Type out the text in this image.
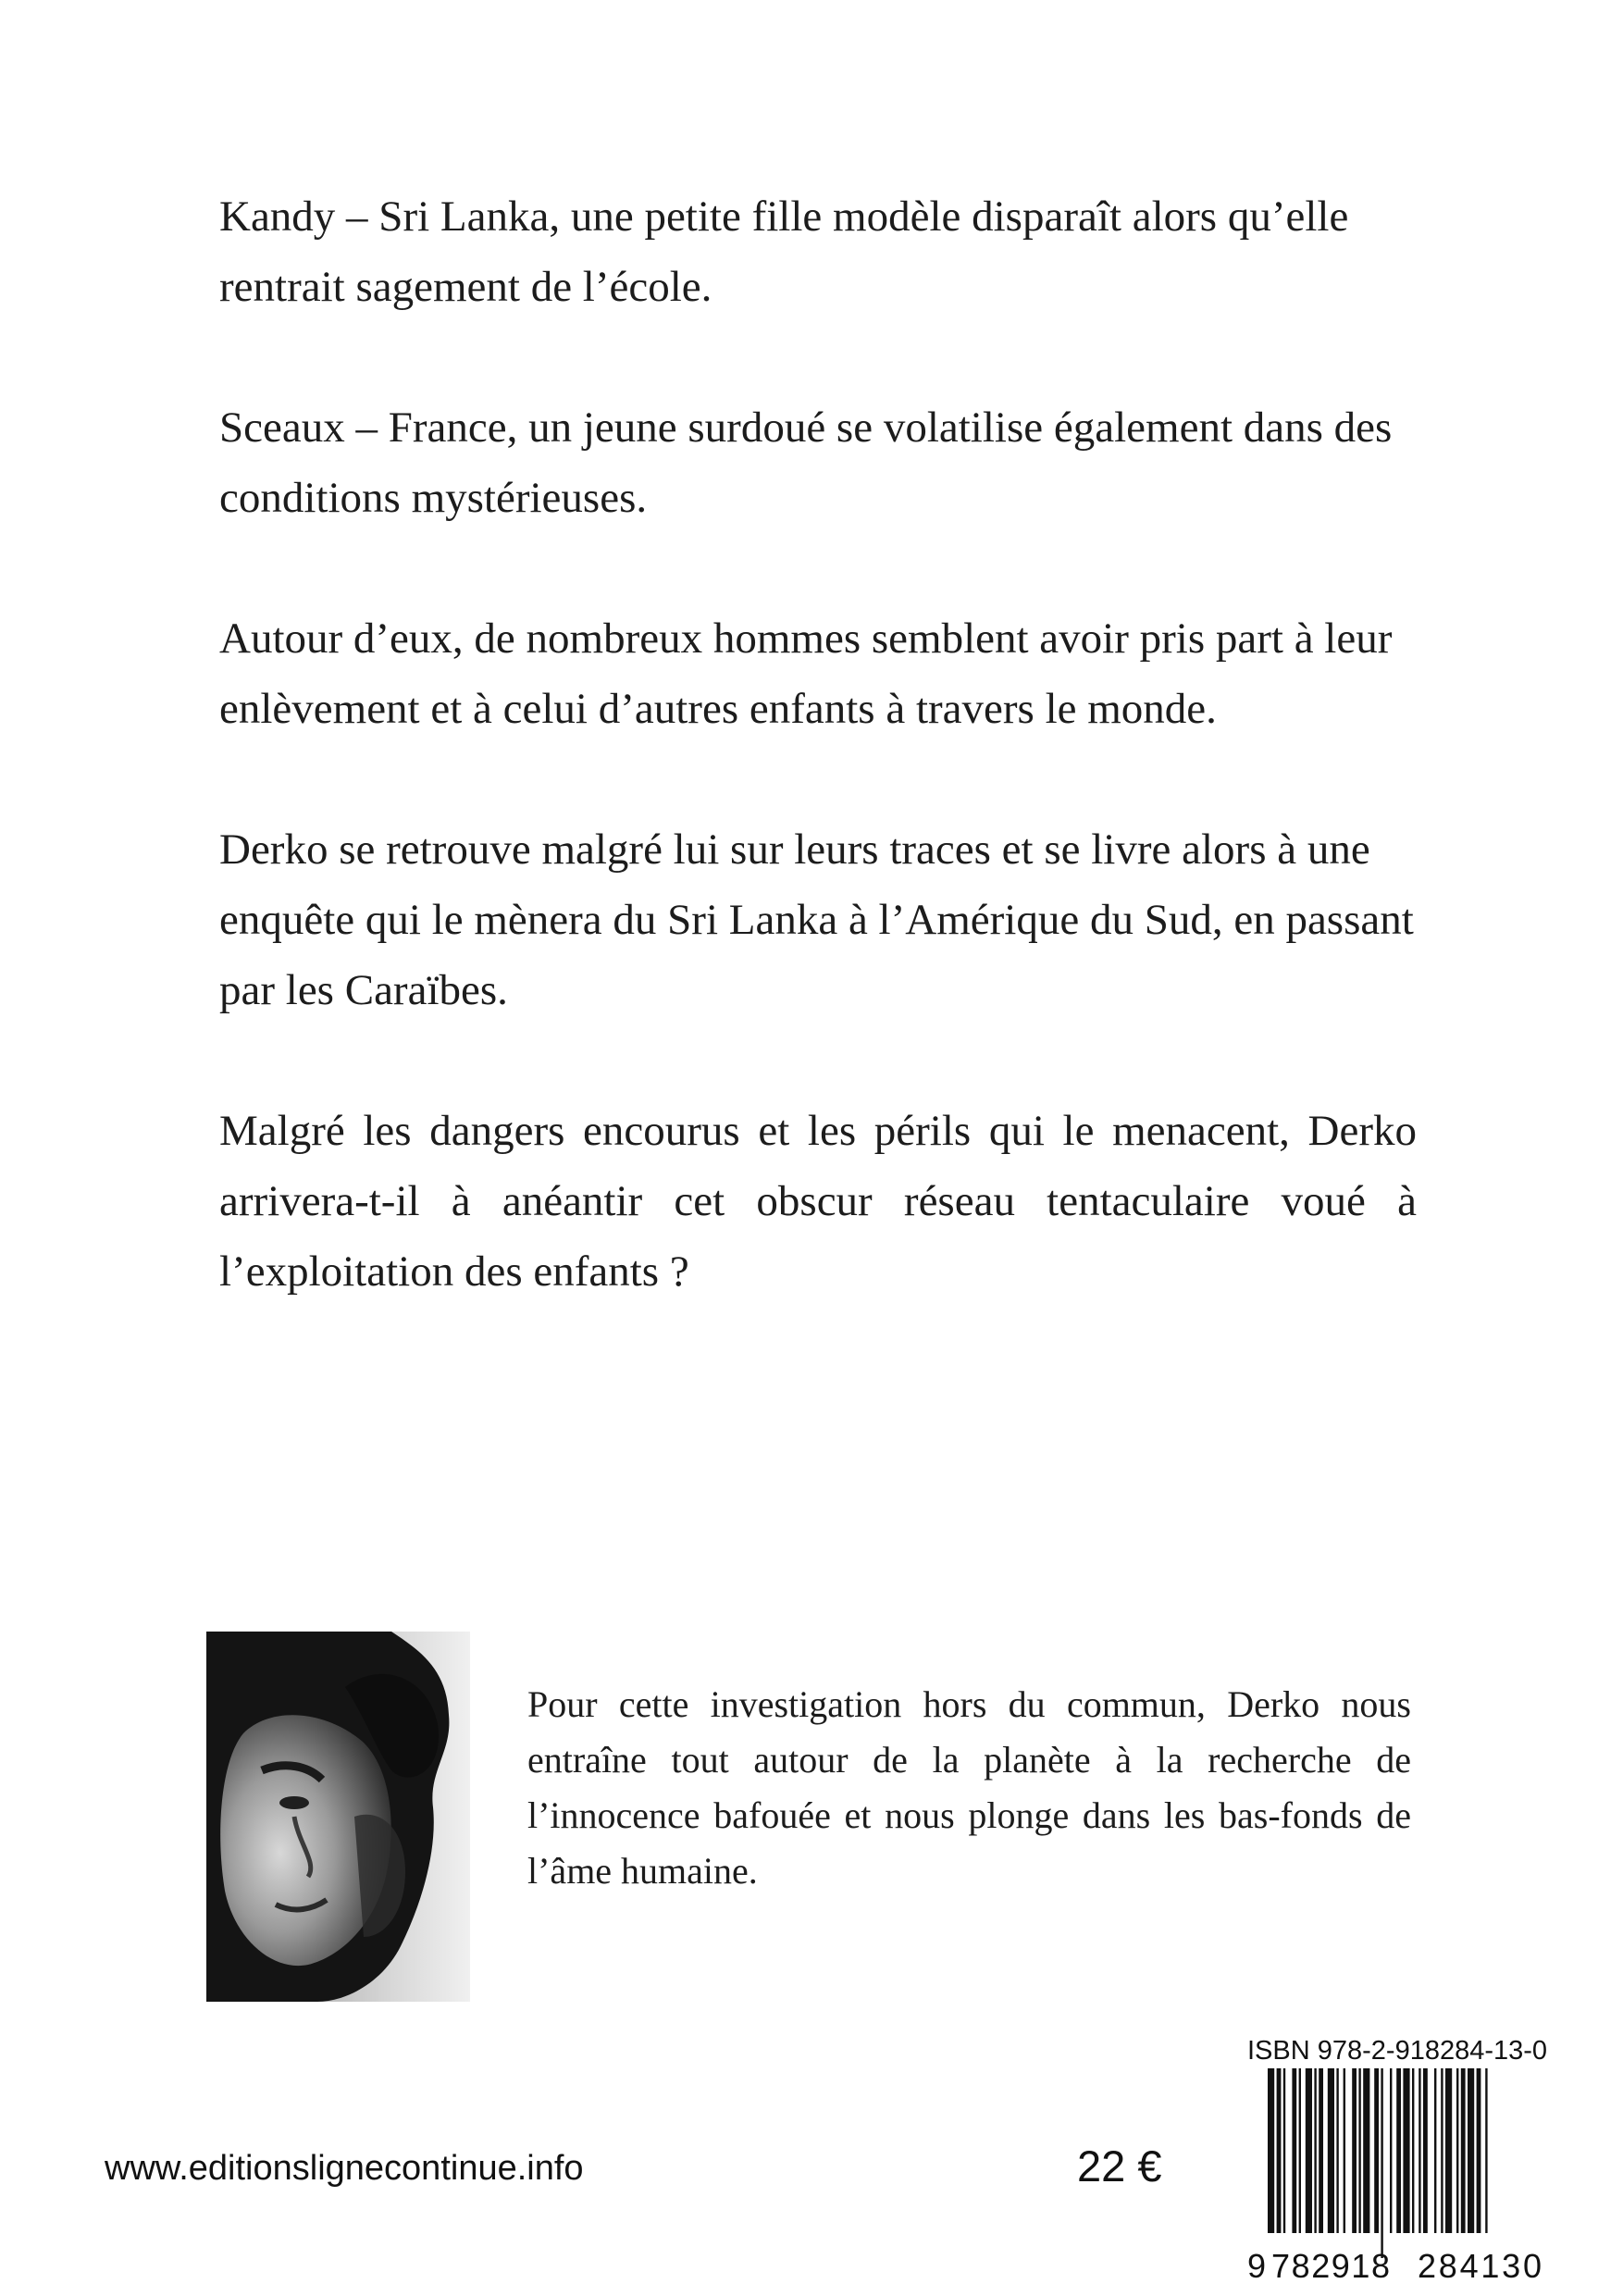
Kandy – Sri Lanka, une petite fille modèle disparaît alors qu’elle rentrait sagement de l’école.

Sceaux – France, un jeune surdoué se volatilise également dans des conditions mystérieuses.

Autour d’eux, de nombreux hommes semblent avoir pris part à leur enlèvement et à celui d’autres enfants à travers le monde.

Derko se retrouve malgré lui sur leurs traces et se livre alors à une enquête qui le mènera du Sri Lanka à l’Amérique du Sud, en passant par les Caraïbes.

Malgré les dangers encourus et les périls qui le menacent, Derko arrivera-t-il à anéantir cet obscur réseau tentaculaire voué à l’exploitation des enfants ?

Pour cette investigation hors du commun, Derko nous entraîne tout autour de la planète à la recherche de l’innocence bafouée et nous plonge dans les bas-fonds de l’âme humaine.

www.editionslignecontinue.info	22 €
ISBN 978-2-918284-13-0
9 782918 284130
